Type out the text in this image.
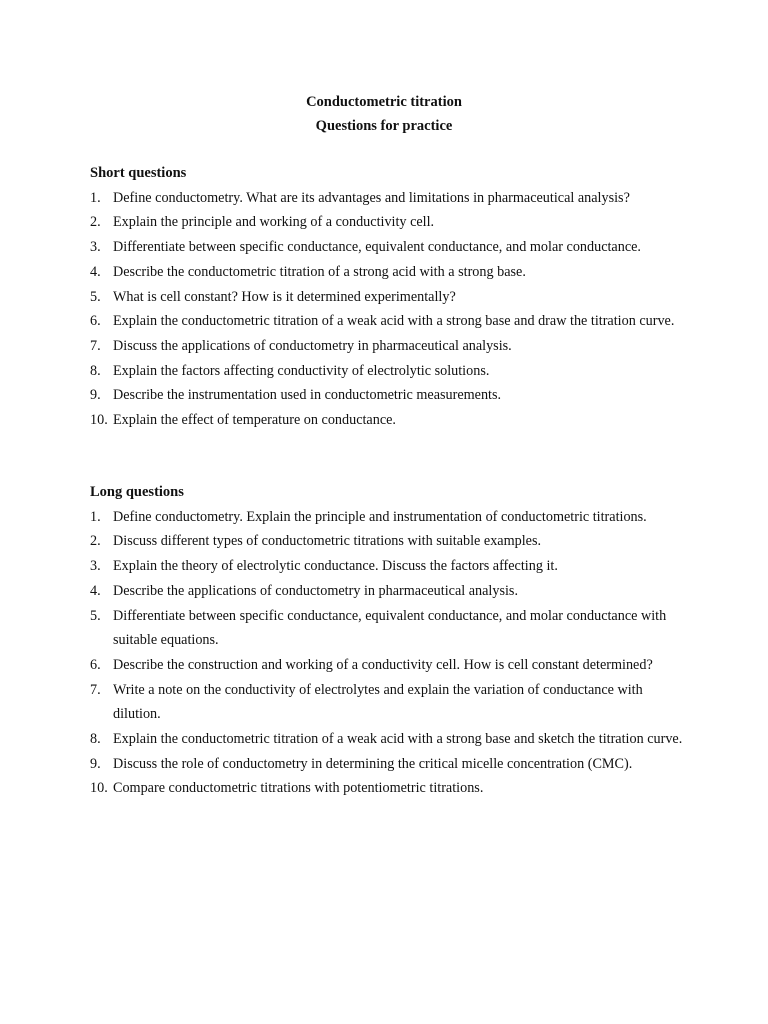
Conductometric titration
Questions for practice
Short questions
1. Define conductometry. What are its advantages and limitations in pharmaceutical analysis?
2. Explain the principle and working of a conductivity cell.
3. Differentiate between specific conductance, equivalent conductance, and molar conductance.
4. Describe the conductometric titration of a strong acid with a strong base.
5. What is cell constant? How is it determined experimentally?
6. Explain the conductometric titration of a weak acid with a strong base and draw the titration curve.
7. Discuss the applications of conductometry in pharmaceutical analysis.
8. Explain the factors affecting conductivity of electrolytic solutions.
9. Describe the instrumentation used in conductometric measurements.
10. Explain the effect of temperature on conductance.
Long questions
1. Define conductometry. Explain the principle and instrumentation of conductometric titrations.
2. Discuss different types of conductometric titrations with suitable examples.
3. Explain the theory of electrolytic conductance. Discuss the factors affecting it.
4. Describe the applications of conductometry in pharmaceutical analysis.
5. Differentiate between specific conductance, equivalent conductance, and molar conductance with suitable equations.
6. Describe the construction and working of a conductivity cell. How is cell constant determined?
7. Write a note on the conductivity of electrolytes and explain the variation of conductance with dilution.
8. Explain the conductometric titration of a weak acid with a strong base and sketch the titration curve.
9. Discuss the role of conductometry in determining the critical micelle concentration (CMC).
10. Compare conductometric titrations with potentiometric titrations.
